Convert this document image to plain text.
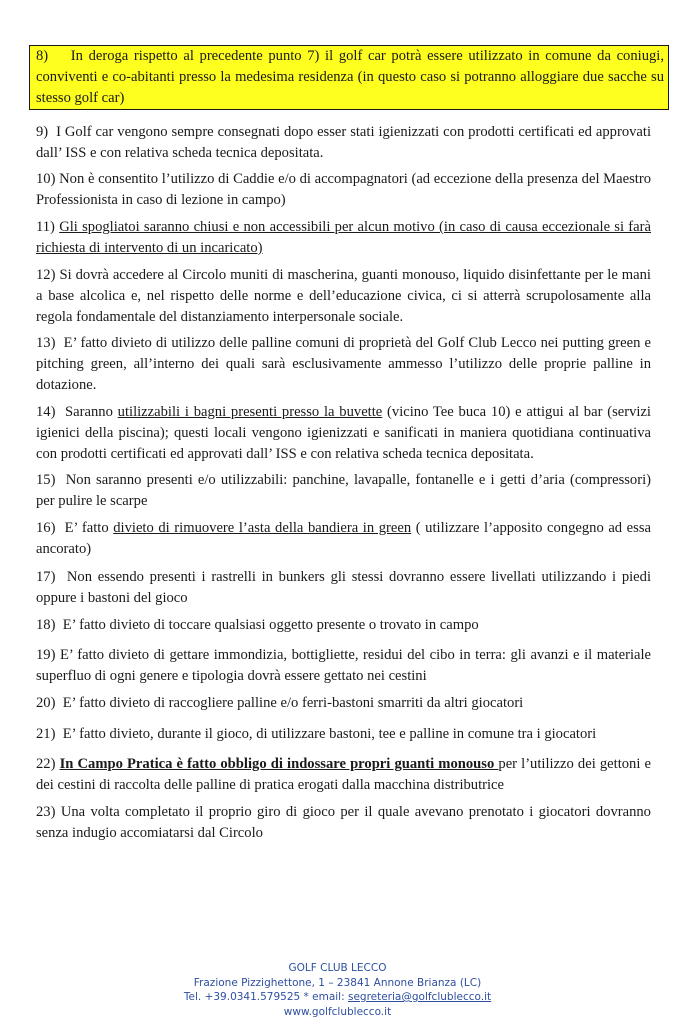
8) In deroga rispetto al precedente punto 7) il golf car potrà essere utilizzato in comune da coniugi, conviventi e co-abitanti presso la medesima residenza (in questo caso si potranno alloggiare due sacche su stesso golf car)
9) I Golf car vengono sempre consegnati dopo esser stati igienizzati con prodotti certificati ed approvati dall’ ISS e con relativa scheda tecnica depositata.
10) Non è consentito l’utilizzo di Caddie e/o di accompagnatori (ad eccezione della presenza del Maestro Professionista in caso di lezione in campo)
11) Gli spogliatoi saranno chiusi e non accessibili per alcun motivo (in caso di causa eccezionale si farà richiesta di intervento di un incaricato)
12) Si dovrà accedere al Circolo muniti di mascherina, guanti monouso, liquido disinfettante per le mani a base alcolica e, nel rispetto delle norme e dell’educazione civica, ci si atterrà scrupolosamente alla regola fondamentale del distanziamento interpersonale sociale.
13) E’ fatto divieto di utilizzo delle palline comuni di proprietà del Golf Club Lecco nei putting green e pitching green, all’interno dei quali sarà esclusivamente ammesso l’utilizzo delle proprie palline in dotazione.
14) Saranno utilizzabili i bagni presenti presso la buvette (vicino Tee buca 10) e attigui al bar (servizi igienici della piscina); questi locali vengono igienizzati e sanificati in maniera quotidiana continuativa con prodotti certificati ed approvati dall’ ISS e con relativa scheda tecnica depositata.
15) Non saranno presenti e/o utilizzabili: panchine, lavapalle, fontanelle e i getti d’aria (compressori) per pulire le scarpe
16) E’ fatto divieto di rimuovere l’asta della bandiera in green ( utilizzare l’apposito congegno ad essa ancorato)
17) Non essendo presenti i rastrelli in bunkers gli stessi dovranno essere livellati utilizzando i piedi oppure i bastoni del gioco
18) E’ fatto divieto di toccare qualsiasi oggetto presente o trovato in campo
19) E’ fatto divieto di gettare immondizia, bottigliette, residui del cibo in terra: gli avanzi e il materiale superfluo di ogni genere e tipologia dovrà essere gettato nei cestini
20) E’ fatto divieto di raccogliere palline e/o ferri-bastoni smarriti da altri giocatori
21) E’ fatto divieto, durante il gioco, di utilizzare bastoni, tee e palline in comune tra i giocatori
22) In Campo Pratica è fatto obbligo di indossare propri guanti monouso per l’utilizzo dei gettoni e dei cestini di raccolta delle palline di pratica erogati dalla macchina distributrice
23) Una volta completato il proprio giro di gioco per il quale avevano prenotato i giocatori dovranno senza indugio accomiatarsi dal Circolo
GOLF CLUB LECCO
Frazione Pizzighettone, 1 – 23841 Annone Brianza (LC)
Tel. +39.0341.579525 * email: segreteria@golfclublecco.it
www.golfclublecco.it
